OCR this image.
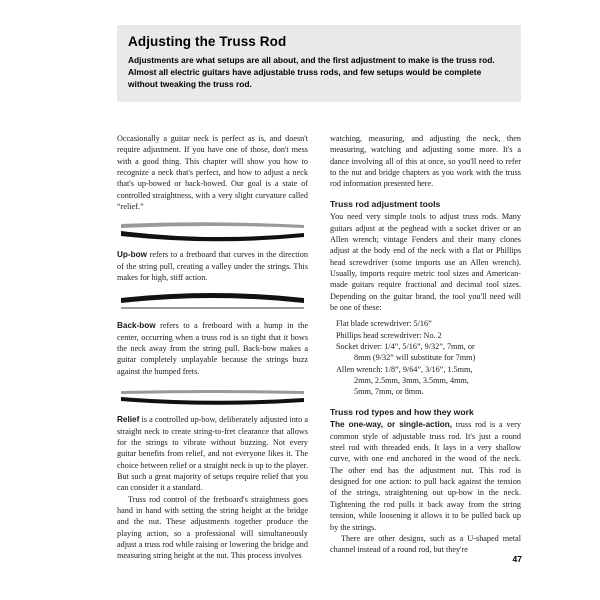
Adjusting the Truss Rod
Adjustments are what setups are all about, and the first adjustment to make is the truss rod. Almost all electric guitars have adjustable truss rods, and few setups would be complete without tweaking the truss rod.

Occasionally a guitar neck is perfect as is, and doesn't require adjustment. If you have one of those, don't mess with a good thing. This chapter will show you how to recognize a neck that's perfect, and how to adjust a neck that's up-bowed or back-bowed. Our goal is a state of controlled straightness, with a very slight curvature called “relief.”

Up-bow refers to a fretboard that curves in the direction of the string pull, creating a valley under the strings. This makes for high, stiff action.

Back-bow refers to a fretboard with a hump in the center, occurring when a truss rod is so tight that it bows the neck away from the string pull. Back-bow makes a guitar completely unplayable because the strings buzz against the humped frets.

Relief is a controlled up-bow, deliberately adjusted into a straight neck to create string-to-fret clearance that allows for the strings to vibrate without buzzing. Not every guitar benefits from relief, and not everyone likes it. The choice between relief or a straight neck is up to the player. But such a great majority of setups require relief that you can consider it a standard.

Truss rod control of the fretboard's straightness goes hand in hand with setting the string height at the bridge and the nut. These adjustments together produce the playing action, so a professional will simultaneously adjust a truss rod while raising or lowering the bridge and measuring string height at the nut. This process involves

watching, measuring, and adjusting the neck, then measuring, watching and adjusting some more. It's a dance involving all of this at once, so you'll need to refer to the nut and bridge chapters as you work with the truss rod information presented here.

Truss rod adjustment tools

You need very simple tools to adjust truss rods. Many guitars adjust at the peghead with a socket driver or an Allen wrench; vintage Fenders and their many clones adjust at the body end of the neck with a flat or Phillips head screwdriver (some imports use an Allen wrench). Usually, imports require metric tool sizes and American-made guitars require fractional and decimal tool sizes. Depending on the guitar brand, the tool you'll need will be one of these:

Flat blade screwdriver: 5/16”
Phillips head screwdriver: No. 2
Socket driver: 1/4”, 5/16”, 9/32”, 7mm, or
8mm (9/32” will substitute for 7mm)
Allen wrench: 1/8”, 9/64”, 3/16”, 1.5mm,
2mm, 2.5mm, 3mm, 3.5mm, 4mm,
5mm, 7mm, or 8mm.
Truss rod types and how they work

The one-way, or single-action, truss rod is a very common style of adjustable truss rod. It's just a round steel rod with threaded ends. It lays in a very shallow curve, with one end anchored in the wood of the neck. The other end has the adjustment nut. This rod is designed for one action: to pull back against the tension of the strings, straightening out up-bow in the neck. Tightening the rod pulls it back away from the string tension, while loosening it allows it to be pulled back up by the strings.

There are other designs, such as a U-shaped metal channel instead of a round rod, but they're

47
